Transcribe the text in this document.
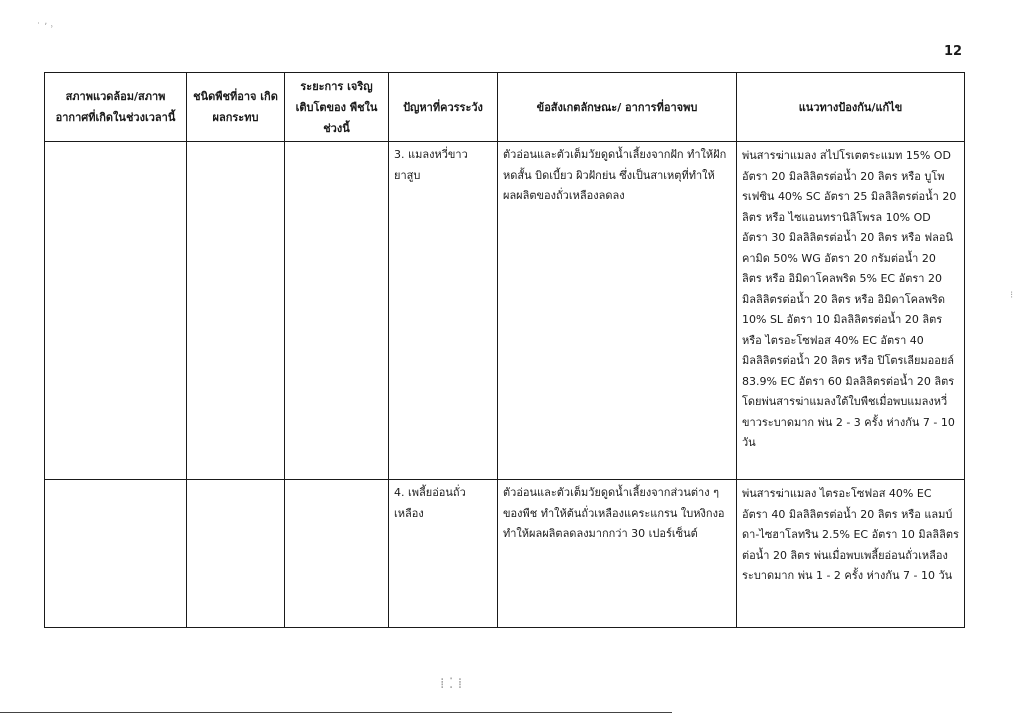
12
สภาพแวดล้อม/สภาพ อากาศที่เกิดในช่วงเวลานี้	ชนิดพืชที่อาจ เกิดผลกระทบ	ระยะการ เจริญเติบโตของ พืชในช่วงนี้	ปัญหาที่ควรระวัง	ข้อสังเกตลักษณะ/ อาการที่อาจพบ	แนวทางป้องกัน/แก้ไข
			3. แมลงหวี่ขาวยาสูบ	ตัวอ่อนและตัวเต็มวัยดูดน้ำเลี้ยงจากฝัก ทำให้ฝักหดสั้น บิดเบี้ยว ผิวฝักย่น ซึ่งเป็นสาเหตุที่ทำให้ผลผลิตของถั่วเหลืองลดลง	พ่นสารฆ่าแมลง สไปโรเตตระแมท 15% OD อัตรา 20 มิลลิลิตรต่อน้ำ 20 ลิตร หรือ บูโพรเฟซิน 40% SC อัตรา 25 มิลลิลิตรต่อน้ำ 20 ลิตร หรือ ไซแอนทรานิลิโพรล 10% OD อัตรา 30 มิลลิลิตรต่อน้ำ 20 ลิตร หรือ ฟลอนิคามิด 50% WG อัตรา 20 กรัมต่อน้ำ 20 ลิตร หรือ อิมิดาโคลพริด 5% EC อัตรา 20 มิลลิลิตรต่อน้ำ 20 ลิตร หรือ อิมิดาโคลพริด 10% SL อัตรา 10 มิลลิลิตรต่อน้ำ 20 ลิตร หรือ ไตรอะโซฟอส 40% EC อัตรา 40 มิลลิลิตรต่อน้ำ 20 ลิตร หรือ ปิโตรเลียมออยล์ 83.9% EC อัตรา 60 มิลลิลิตรต่อน้ำ 20 ลิตร โดยพ่นสารฆ่าแมลงใต้ใบพืชเมื่อพบแมลงหวี่ขาวระบาดมาก พ่น 2 - 3 ครั้ง ห่างกัน 7 - 10 วัน
			4. เพลี้ยอ่อนถั่วเหลือง	ตัวอ่อนและตัวเต็มวัยดูดน้ำเลี้ยงจากส่วนต่าง ๆ ของพืช ทำให้ต้นถั่วเหลืองแคระแกรน ใบหงิกงอ ทำให้ผลผลิตลดลงมากกว่า 30 เปอร์เซ็นต์	พ่นสารฆ่าแมลง ไตรอะโซฟอส 40% EC อัตรา 40 มิลลิลิตรต่อน้ำ 20 ลิตร หรือ แลมบ์ดา-ไซฮาโลทริน 2.5% EC อัตรา 10 มิลลิลิตรต่อน้ำ 20 ลิตร พ่นเมื่อพบเพลี้ยอ่อนถั่วเหลืองระบาดมาก พ่น 1 - 2 ครั้ง ห่างกัน 7 - 10 วัน
˙ ʼ ˒
⁞ ⁚ ⁞
⁝
